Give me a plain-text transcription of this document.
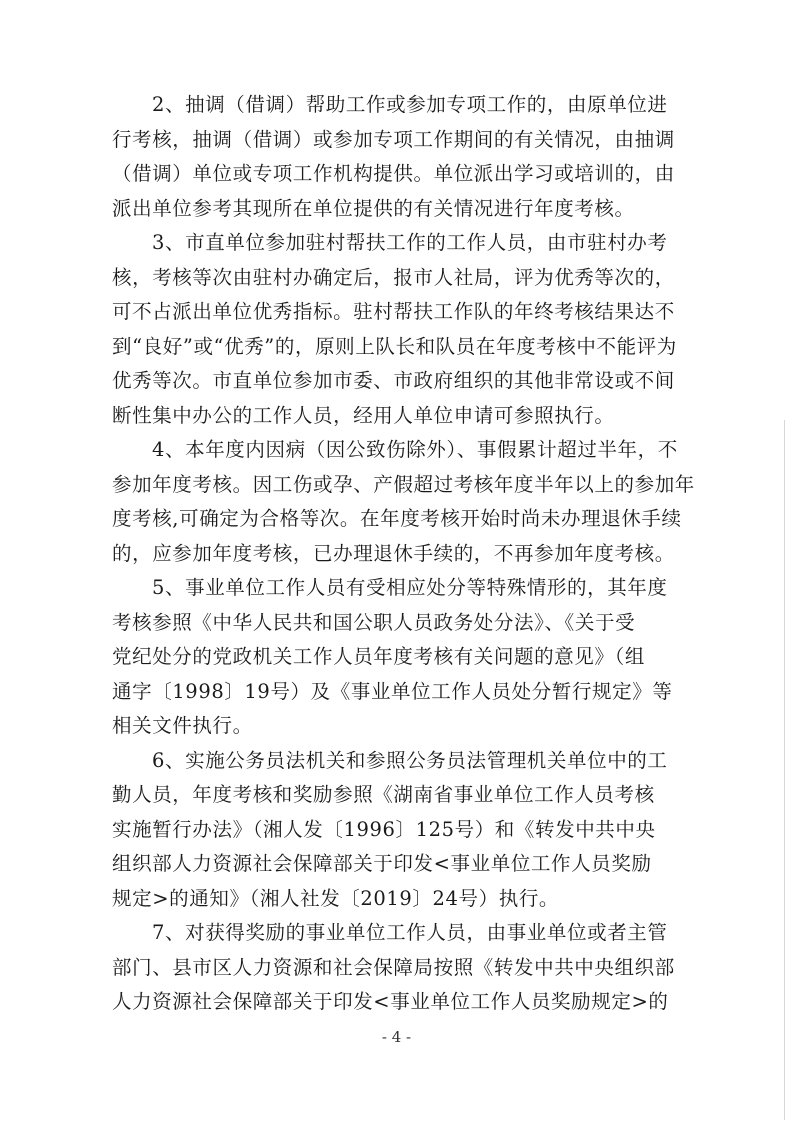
2、抽调（借调）帮助工作或参加专项工作的，由原单位进
行考核，抽调（借调）或参加专项工作期间的有关情况，由抽调
（借调）单位或专项工作机构提供。单位派出学习或培训的，由
派出单位参考其现所在单位提供的有关情况进行年度考核。

3、市直单位参加驻村帮扶工作的工作人员，由市驻村办考
核，考核等次由驻村办确定后，报市人社局，评为优秀等次的，
可不占派出单位优秀指标。驻村帮扶工作队的年终考核结果达不
到“良好”或“优秀”的，原则上队长和队员在年度考核中不能评为
优秀等次。市直单位参加市委、市政府组织的其他非常设或不间
断性集中办公的工作人员，经用人单位申请可参照执行。

4、本年度内因病（因公致伤除外）、事假累计超过半年，不
参加年度考核。因工伤或孕、产假超过考核年度半年以上的参加年
度考核,可确定为合格等次。在年度考核开始时尚未办理退休手续
的，应参加年度考核，已办理退休手续的，不再参加年度考核。

5、事业单位工作人员有受相应处分等特殊情形的，其年度
考核参照《中华人民共和国公职人员政务处分法》、《关于受
党纪处分的党政机关工作人员年度考核有关问题的意见》（组
通字〔1998〕19号）及《事业单位工作人员处分暂行规定》等
相关文件执行。

6、实施公务员法机关和参照公务员法管理机关单位中的工
勤人员，年度考核和奖励参照《湖南省事业单位工作人员考核
实施暂行办法》（湘人发〔1996〕125号）和《转发中共中央
组织部人力资源社会保障部关于印发<事业单位工作人员奖励
规定>的通知》（湘人社发〔2019〕24号）执行。

7、对获得奖励的事业单位工作人员，由事业单位或者主管
部门、县市区人力资源和社会保障局按照《转发中共中央组织部
人力资源社会保障部关于印发<事业单位工作人员奖励规定>的

- 4 -
